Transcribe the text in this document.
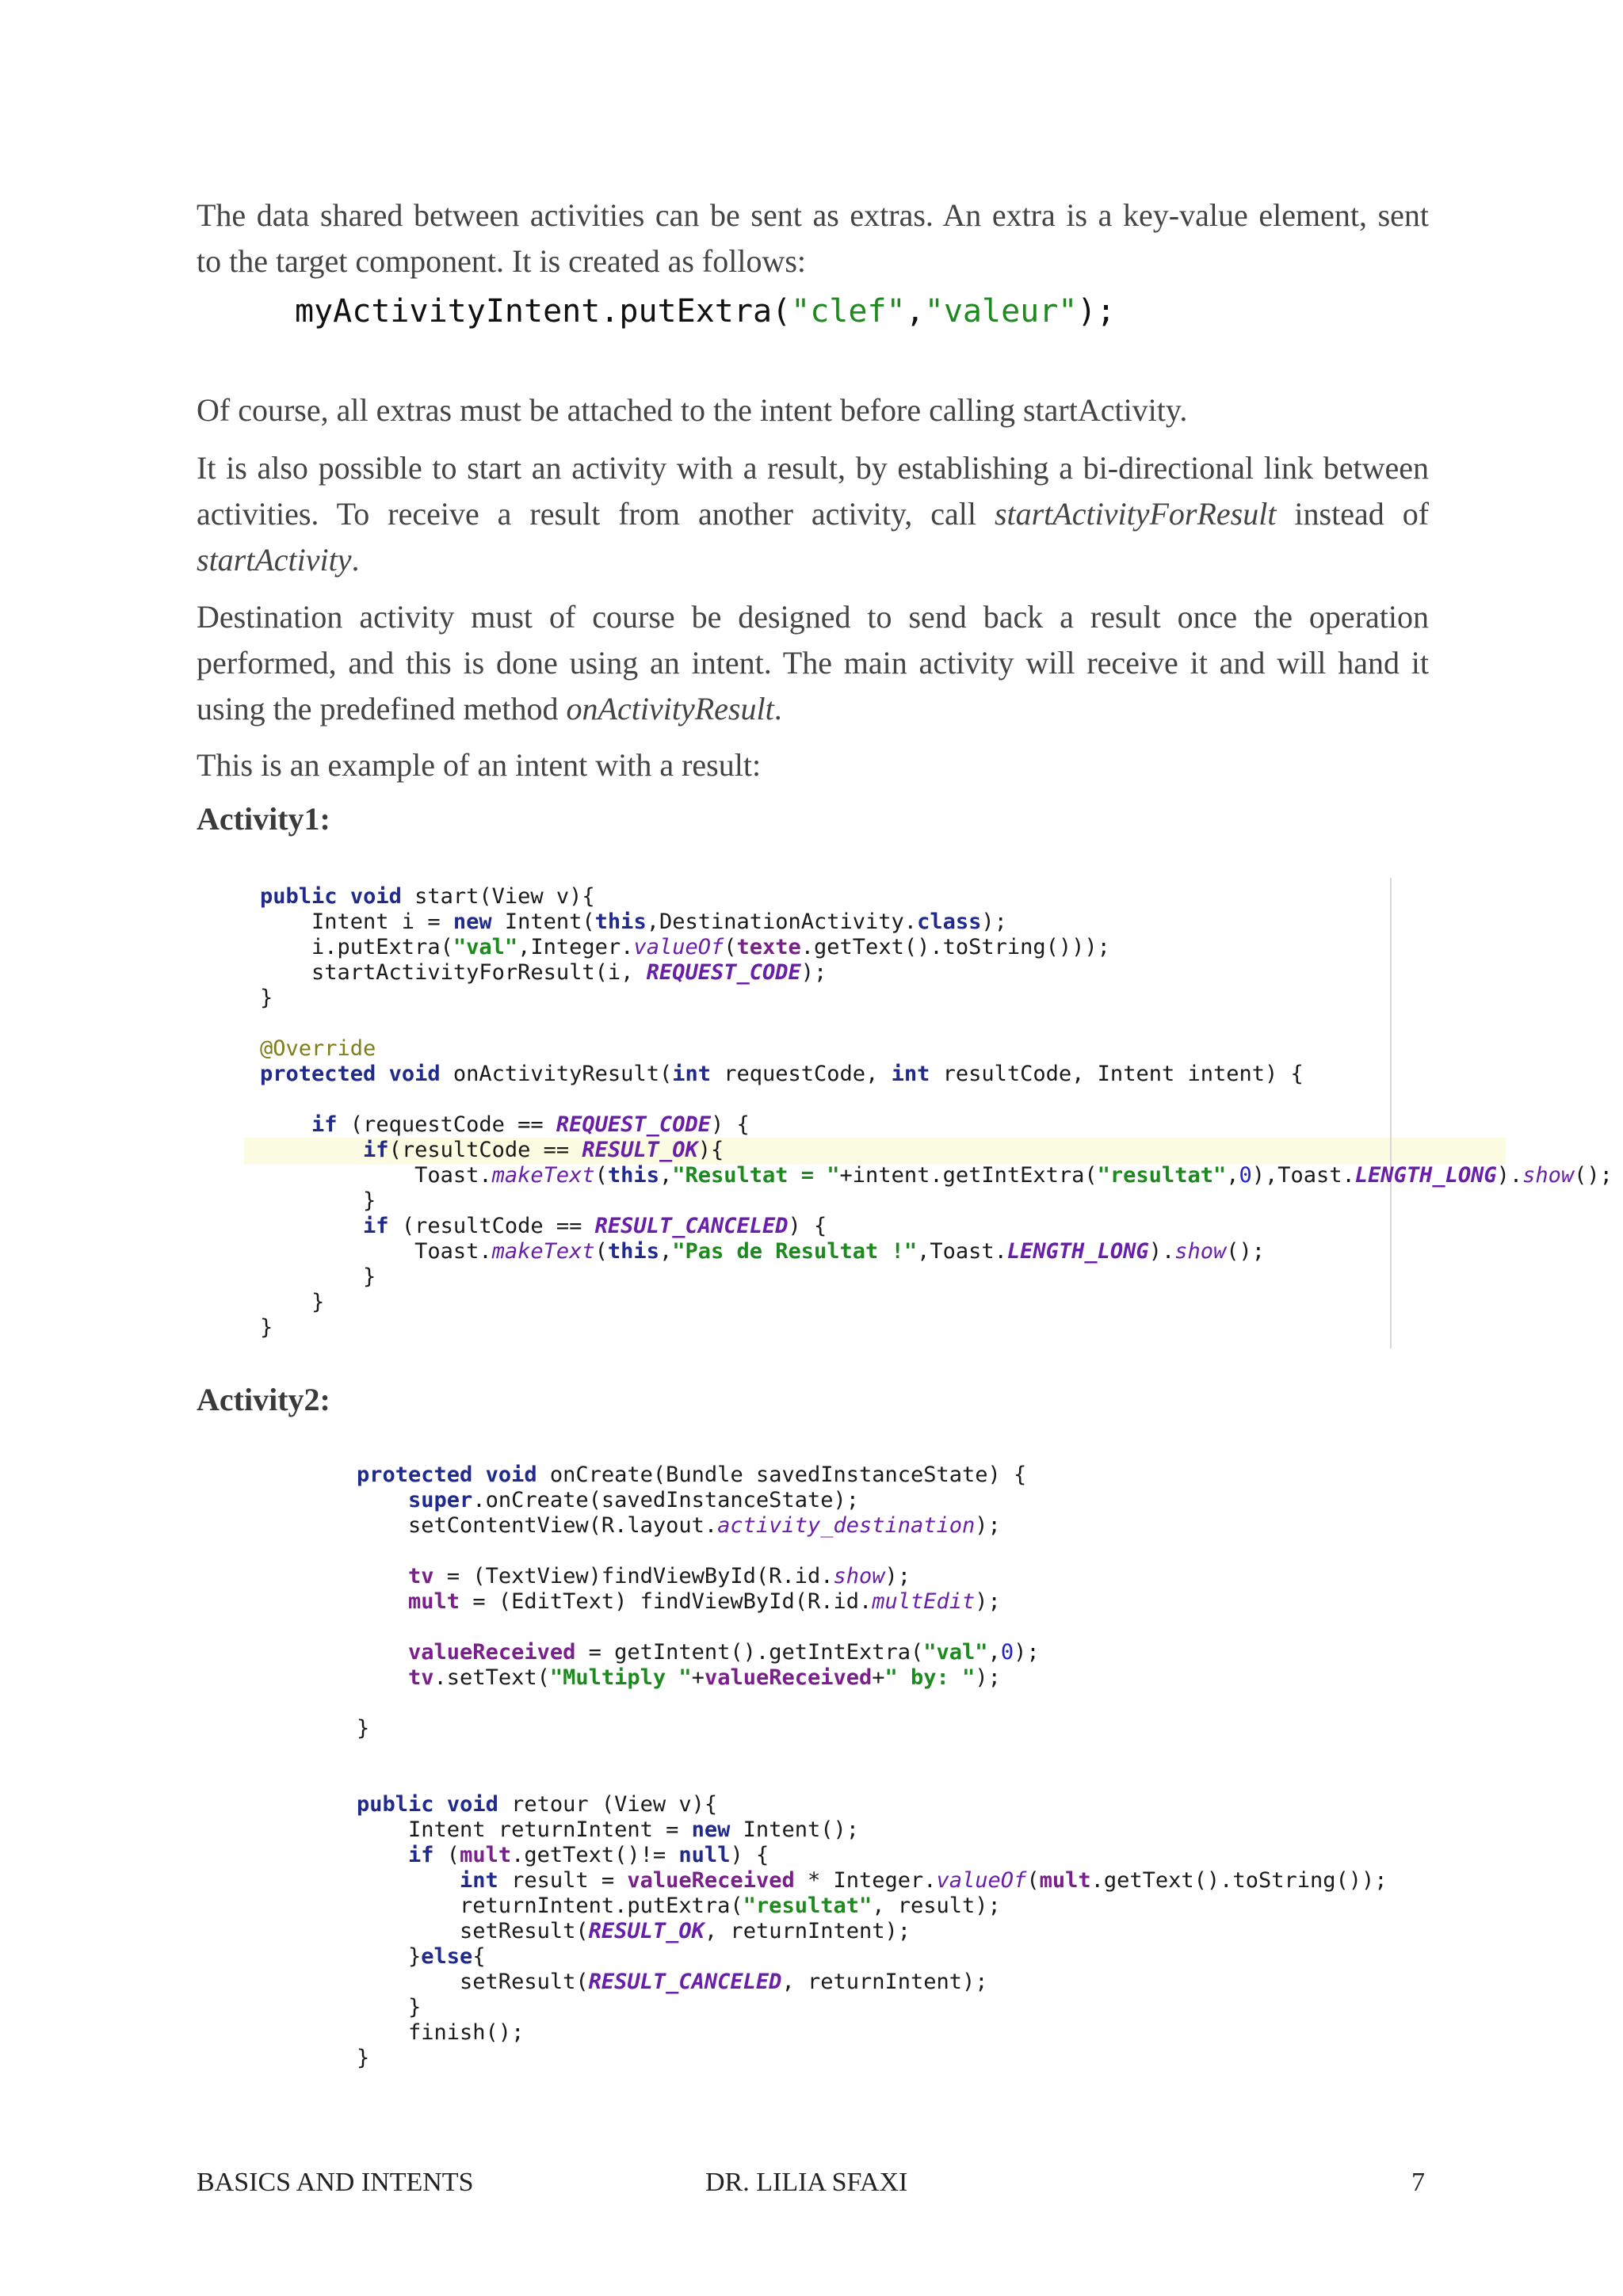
The data shared between activities can be sent as extras. An extra is a key-value element, sent
to the target component. It is created as follows:
myActivityIntent.putExtra("clef","valeur");
Of course, all extras must be attached to the intent before calling startActivity.
It is also possible to start an activity with a result, by establishing a bi-directional link between
activities. To receive a result from another activity, call startActivityForResult instead of
startActivity.
Destination activity must of course be designed to send back a result once the operation
performed, and this is done using an intent. The main activity will receive it and will hand it
using the predefined method onActivityResult.
This is an example of an intent with a result:
Activity1:
public void start(View v){
Intent i = new Intent(this,DestinationActivity.class);
i.putExtra("val",Integer.valueOf(texte.getText().toString()));
startActivityForResult(i, REQUEST_CODE);
}

@Override
protected void onActivityResult(int requestCode, int resultCode, Intent intent) {

if (requestCode == REQUEST_CODE) {
if(resultCode == RESULT_OK){
Toast.makeText(this,"Resultat = "+intent.getIntExtra("resultat",0),Toast.LENGTH_LONG).show();
}
if (resultCode == RESULT_CANCELED) {
Toast.makeText(this,"Pas de Resultat !",Toast.LENGTH_LONG).show();
}
}
}
Activity2:
protected void onCreate(Bundle savedInstanceState) {
super.onCreate(savedInstanceState);
setContentView(R.layout.activity_destination);

tv = (TextView)findViewById(R.id.show);
mult = (EditText) findViewById(R.id.multEdit);

valueReceived = getIntent().getIntExtra("val",0);
tv.setText("Multiply "+valueReceived+" by: ");

}

public void retour (View v){
Intent returnIntent = new Intent();
if (mult.getText()!= null) {
int result = valueReceived * Integer.valueOf(mult.getText().toString());
returnIntent.putExtra("resultat", result);
setResult(RESULT_OK, returnIntent);
}else{
setResult(RESULT_CANCELED, returnIntent);
}
finish();
}
BASICS AND INTENTS	DR. LILIA SFAXI	7
